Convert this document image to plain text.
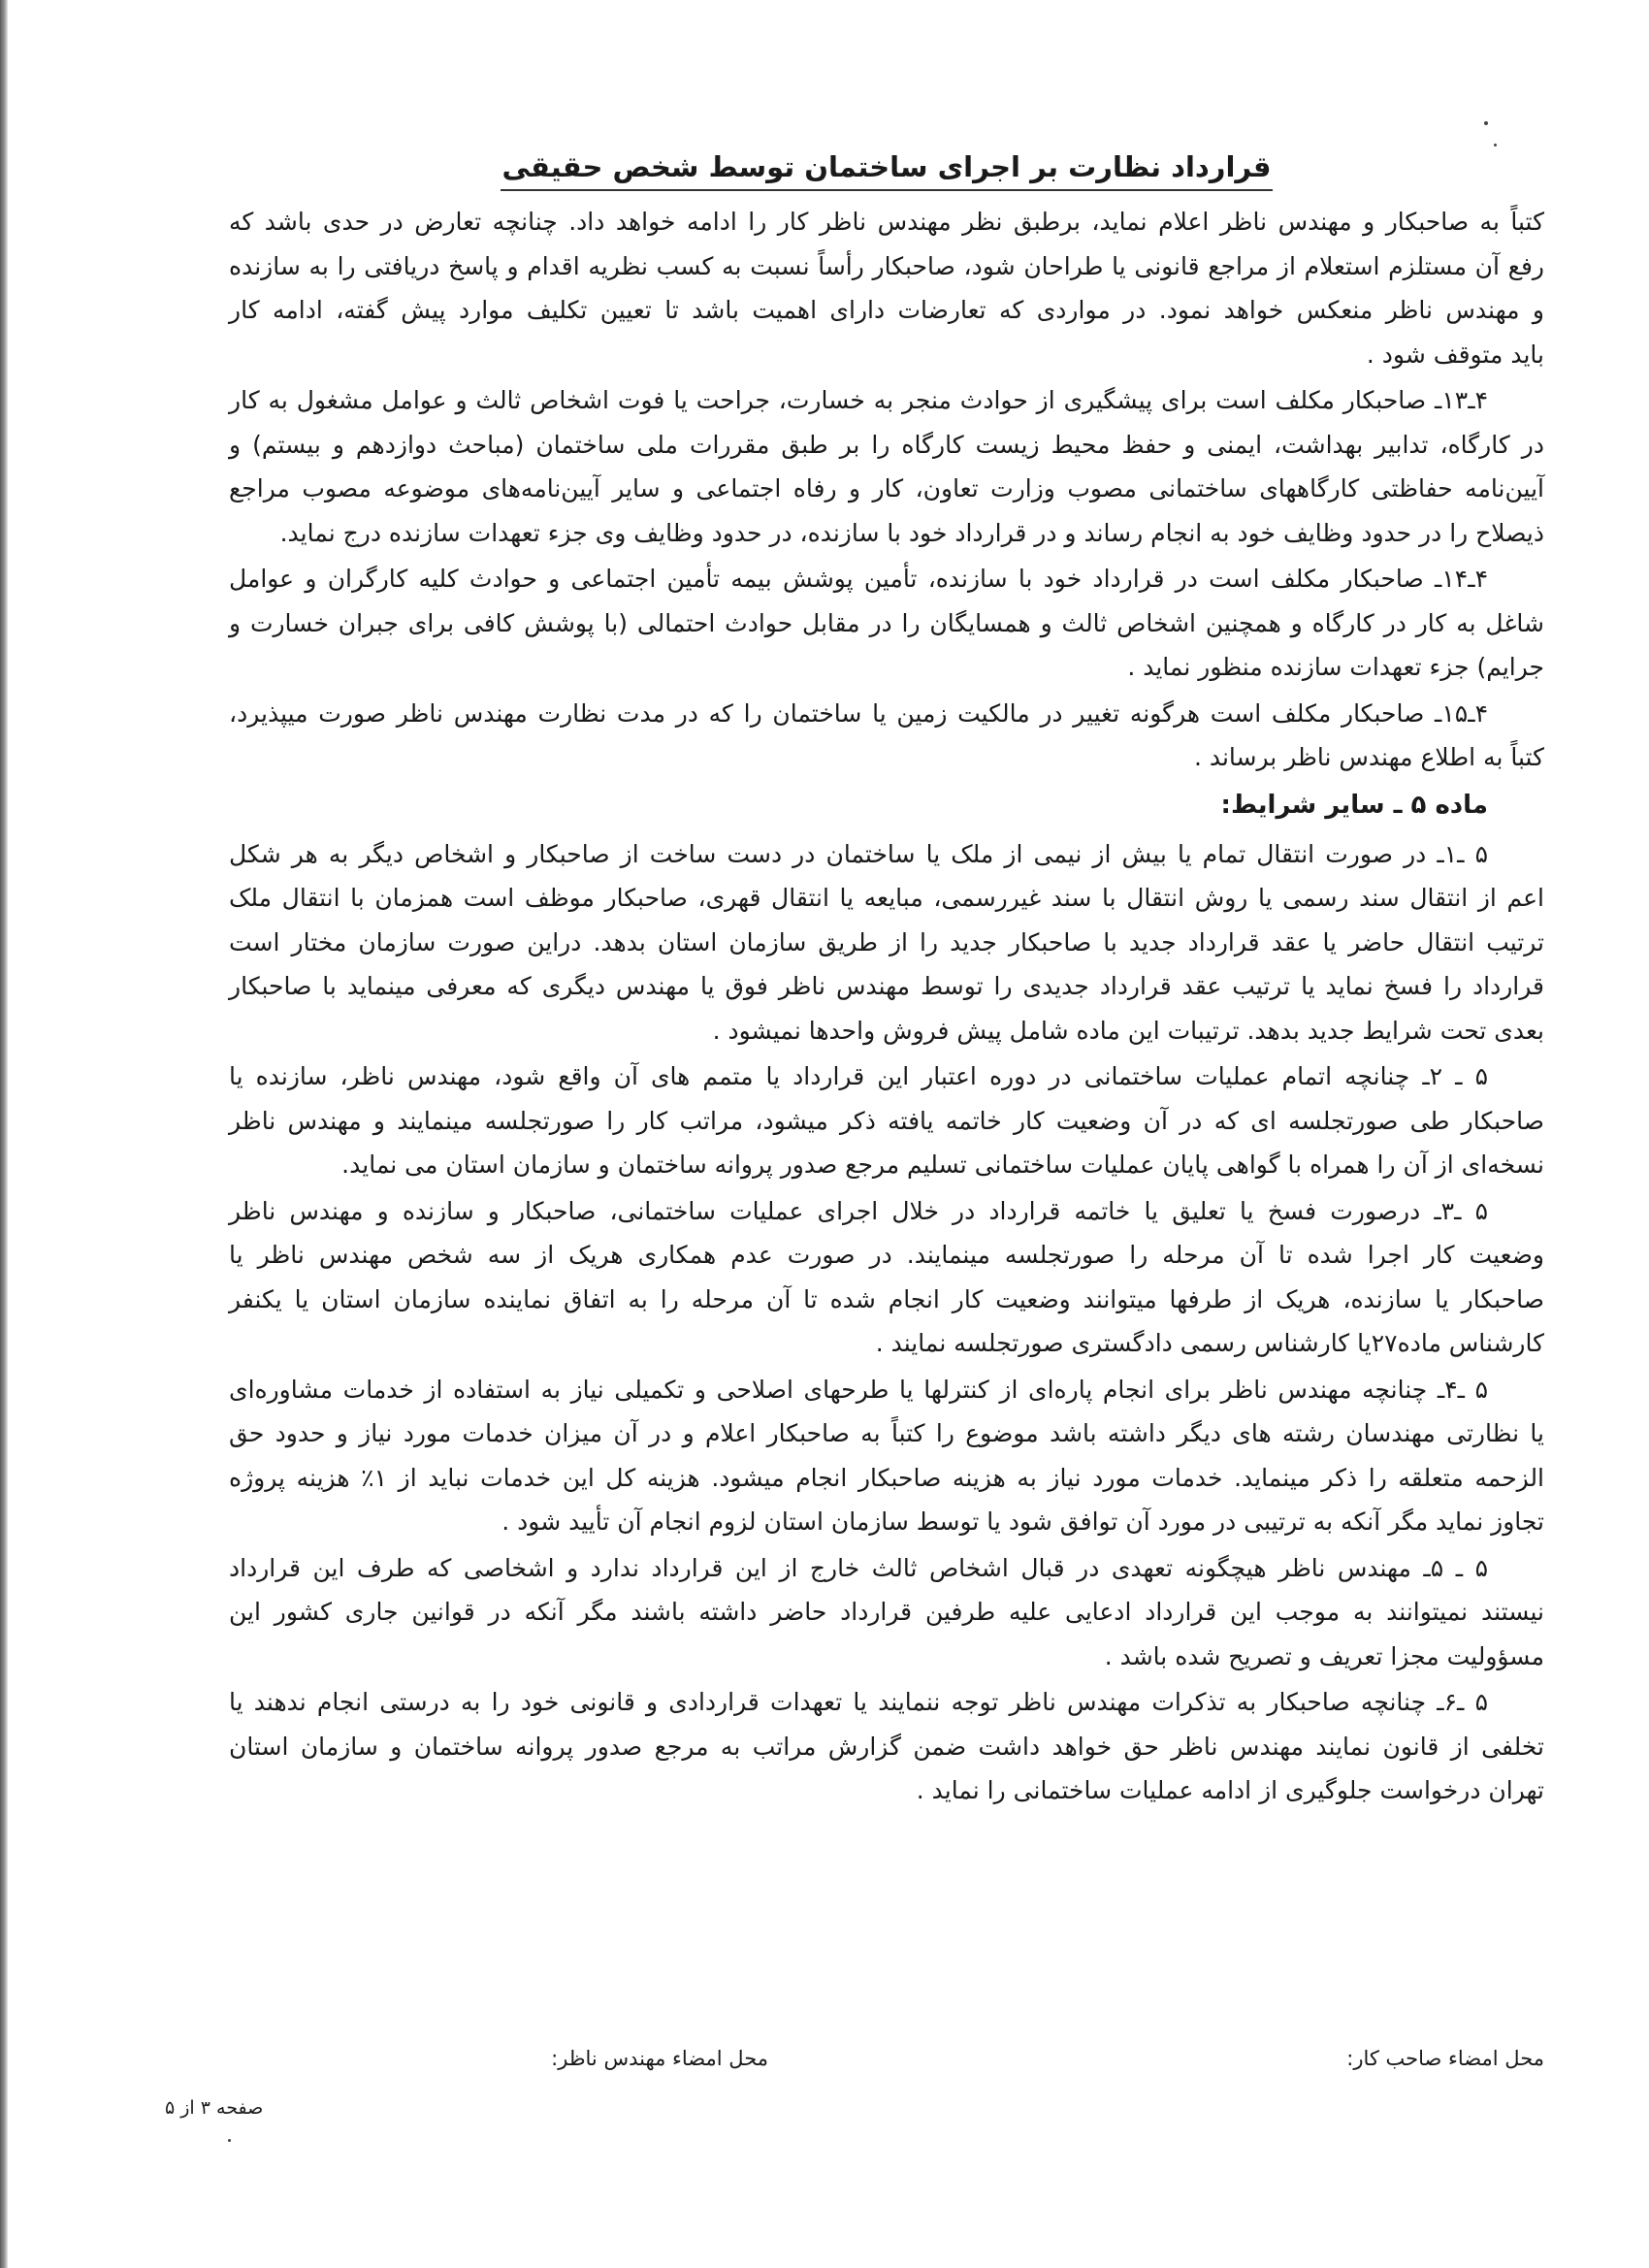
قرارداد نظارت بر اجرای ساختمان توسط شخص حقیقی
کتباً به صاحبکار و مهندس ناظر اعلام نماید، برطبق نظر مهندس ناظر کار را ادامه خواهد داد. چنانچه تعارض در حدی باشد که
رفع آن مستلزم استعلام از مراجع قانونی یا طراحان شود، صاحبکار رأساً نسبت به کسب نظریه اقدام و پاسخ دریافتی را به سازنده
و مهندس ناظر منعکس خواهد نمود. در مواردی که تعارضات دارای اهمیت باشد تا تعیین تکلیف موارد پیش گفته، ادامه کار
باید متوقف شود .
۴ـ۱۳ـ صاحبکار مکلف است برای پیشگیری از حوادث منجر به خسارت، جراحت یا فوت اشخاص ثالث و عوامل مشغول به کار
در کارگاه، تدابیر بهداشت، ایمنی و حفظ محیط زیست کارگاه را بر طبق مقررات ملی ساختمان (مباحث دوازدهم و بیستم) و
آیین‌نامه حفاظتی کارگاههای ساختمانی مصوب وزارت تعاون، کار و رفاه اجتماعی و سایر آیین‌نامه‌های موضوعه مصوب مراجع
ذیصلاح را در حدود وظایف خود به انجام رساند و در قرارداد خود با سازنده، در حدود وظایف وی جزء تعهدات سازنده درج نماید.
۴ـ۱۴ـ صاحبکار مکلف است در قرارداد خود با سازنده، تأمین پوشش بیمه تأمین اجتماعی و حوادث کلیه کارگران و عوامل
شاغل به کار در کارگاه و همچنین اشخاص ثالث و همسایگان را در مقابل حوادث احتمالی (با پوشش کافی برای جبران خسارت و
جرایم) جزء تعهدات سازنده منظور نماید .
۴ـ۱۵ـ صاحبکار مکلف است هرگونه تغییر در مالکیت زمین یا ساختمان را که در مدت نظارت مهندس ناظر صورت میپذیرد،
کتباً به اطلاع مهندس ناظر برساند .
ماده ۵ ـ سایر شرایط:
۵ ـ۱ـ در صورت انتقال تمام یا بیش از نیمی از ملک یا ساختمان در دست ساخت از صاحبکار و اشخاص دیگر به هر شکل
اعم از انتقال سند رسمی یا روش انتقال با سند غیررسمی، مبایعه یا انتقال قهری، صاحبکار موظف است همزمان با انتقال ملک
ترتیب انتقال حاضر یا عقد قرارداد جدید با صاحبکار جدید را از طریق سازمان استان بدهد. دراین صورت سازمان مختار است
قرارداد را فسخ نماید یا ترتیب عقد قرارداد جدیدی را توسط مهندس ناظر فوق یا مهندس دیگری که معرفی مینماید با صاحبکار
بعدی تحت شرایط جدید بدهد. ترتیبات این ماده شامل پیش فروش واحدها نمیشود .
۵ ـ ۲ـ چنانچه اتمام عملیات ساختمانی در دوره اعتبار این قرارداد یا متمم های آن واقع شود، مهندس ناظر، سازنده یا
صاحبکار طی صورتجلسه ای که در آن وضعیت کار خاتمه یافته ذکر میشود، مراتب کار را صورتجلسه مینمایند و مهندس ناظر
نسخه‌ای از آن را همراه با گواهی پایان عملیات ساختمانی تسلیم مرجع صدور پروانه ساختمان و سازمان استان می نماید.
۵ ـ۳ـ درصورت فسخ یا تعلیق یا خاتمه قرارداد در خلال اجرای عملیات ساختمانی، صاحبکار و سازنده و مهندس ناظر
وضعیت کار اجرا شده تا آن مرحله را صورتجلسه مینمایند. در صورت عدم همکاری هریک از سه شخص مهندس ناظر یا
صاحبکار یا سازنده، هریک از طرفها میتوانند وضعیت کار انجام شده تا آن مرحله را به اتفاق نماینده سازمان استان یا یکنفر
کارشناس ماده۲۷یا کارشناس رسمی دادگستری صورتجلسه نمایند .
۵ ـ۴ـ چنانچه مهندس ناظر برای انجام پاره‌ای از کنترلها یا طرحهای اصلاحی و تکمیلی نیاز به استفاده از خدمات مشاوره‌ای
یا نظارتی مهندسان رشته های دیگر داشته باشد موضوع را کتباً به صاحبکار اعلام و در آن میزان خدمات مورد نیاز و حدود حق
الزحمه متعلقه را ذکر مینماید. خدمات مورد نیاز به هزینه صاحبکار انجام میشود. هزینه کل این خدمات نباید از ۱٪ هزینه پروژه
تجاوز نماید مگر آنکه به ترتیبی در مورد آن توافق شود یا توسط سازمان استان لزوم انجام آن تأیید شود .
۵ ـ ۵ـ مهندس ناظر هیچگونه تعهدی در قبال اشخاص ثالث خارج از این قرارداد ندارد و اشخاصی که طرف این قرارداد
نیستند نمیتوانند به موجب این قرارداد ادعایی علیه طرفین قرارداد حاضر داشته باشند مگر آنکه در قوانین جاری کشور این
مسؤولیت مجزا تعریف و تصریح شده باشد .
۵ ـ۶ـ چنانچه صاحبکار به تذکرات مهندس ناظر توجه ننمایند یا تعهدات قراردادی و قانونی خود را به درستی انجام ندهند یا
تخلفی از قانون نمایند مهندس ناظر حق خواهد داشت ضمن گزارش مراتب به مرجع صدور پروانه ساختمان و سازمان استان
تهران درخواست جلوگیری از ادامه عملیات ساختمانی را نماید .
محل امضاء صاحب کار:
محل امضاء مهندس ناظر:
صفحه ۳ از ۵
